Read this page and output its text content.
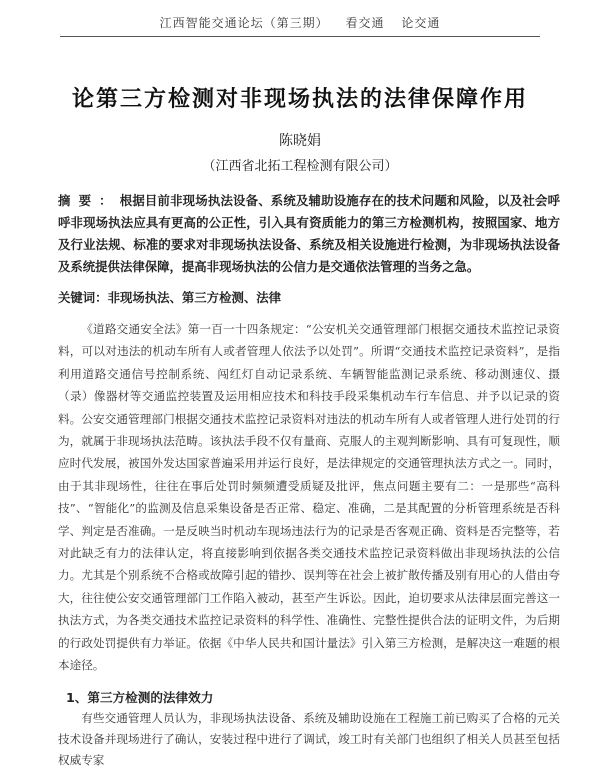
江西智能交通论坛（第三期） 看交通 论交通
论第三方检测对非现场执法的法律保障作用
陈晓娟
（江西省北拓工程检测有限公司）
摘要：根据目前非现场执法设备、系统及辅助设施存在的技术问题和风险，以及社会呼呼非现场执法应具有更高的公正性，引入具有资质能力的第三方检测机构，按照国家、地方及行业法规、标准的要求对非现场执法设备、系统及相关设施进行检测，为非现场执法设备及系统提供法律保障，提高非现场执法的公信力是交通依法管理的当务之急。
关键词：非现场执法、第三方检测、法律

《道路交通安全法》第一百一十四条规定：“公安机关交通管理部门根据交通技术监控记录资料，可以对违法的机动车所有人或者管理人依法予以处罚”。所谓“交通技术监控记录资料”，是指利用道路交通信号控制系统、闯红灯自动记录系统、车辆智能监测记录系统、移动测速仪、摄（录）像器材等交通监控装置及运用相应技术和科技手段采集机动车行车信息、并予以记录的资料。公安交通管理部门根据交通技术监控记录资料对违法的机动车所有人或者管理人进行处罚的行为，就属于非现场执法范畴。该执法手段不仅有量商、克服人的主观判断影响、具有可复现性，顺应时代发展，被国外发达国家普遍采用并运行良好，是法律规定的交通管理执法方式之一。同时，由于其非现场性，往往在事后处罚时频频遭受质疑及批评，焦点问题主要有二：一是那些“高科技”、“智能化”的监测及信息采集设备是否正常、稳定、准确，二是其配置的分析管理系统是否科学、判定是否准确。一是反映当时机动车现场违法行为的记录是否客观正确、资料是否完整等，若对此缺乏有力的法律认定，将直接影响到依据各类交通技术监控记录资料做出非现场执法的公信力。尤其是个别系统不合格或故障引起的错抄、误判等在社会上被扩散传播及别有用心的人借由夸大，往往使公安交通管理部门工作陷入被动，甚至产生诉讼。因此，迫切要求从法律层面完善这一执法方式，为各类交通技术监控记录资料的科学性、准确性、完整性提供合法的证明文件，为后期的行政处罚提供有力举证。依据《中华人民共和国计量法》引入第三方检测，是解决这一难题的根本途径。

1、第三方检测的法律效力

有些交通管理人员认为，非现场执法设备、系统及辅助设施在工程施工前已购买了合格的元关技术设备并现场进行了确认，安装过程中进行了调试，竣工时有关部门也组织了相关人员甚至包括权威专家
